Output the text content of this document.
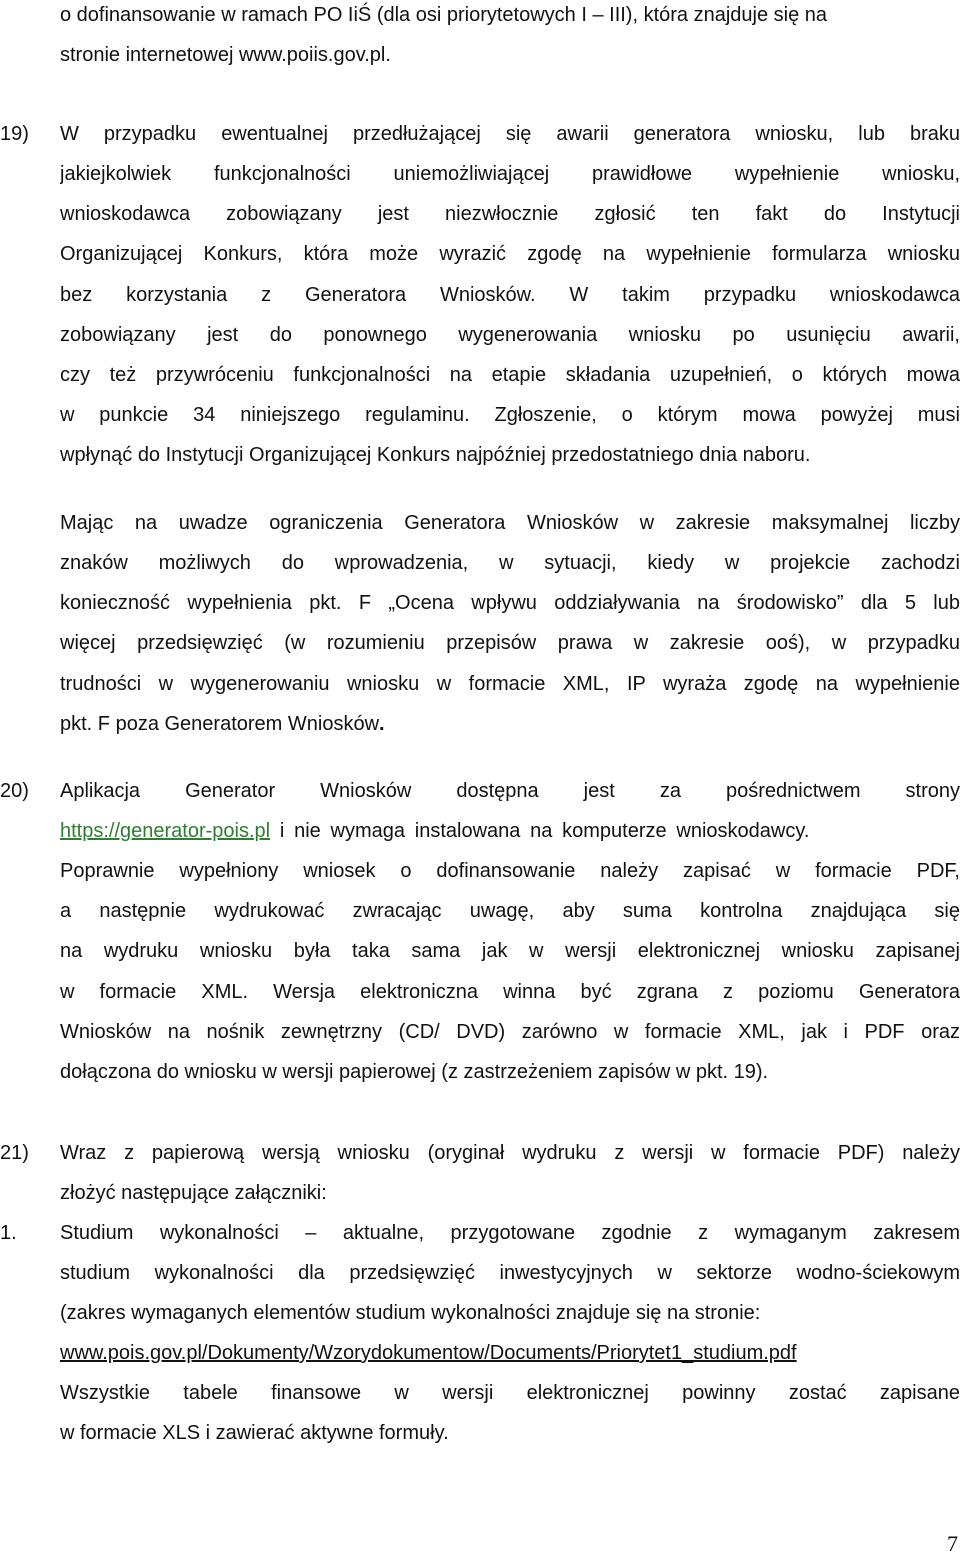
o dofinansowanie w ramach PO IiŚ (dla osi priorytetowych I – III), która znajduje się na
stronie internetowej www.poiis.gov.pl.
19) W przypadku ewentualnej przedłużającej się awarii generatora wniosku, lub braku
jakiejkolwiek funkcjonalności uniemożliwiającej prawidłowe wypełnienie wniosku,
wnioskodawca zobowiązany jest niezwłocznie zgłosić ten fakt do Instytucji
Organizującej Konkurs, która może wyrazić zgodę na wypełnienie formularza wniosku
bez korzystania z Generatora Wniosków. W takim przypadku wnioskodawca
zobowiązany jest do ponownego wygenerowania wniosku po usunięciu awarii,
czy też przywróceniu funkcjonalności na etapie składania uzupełnień, o których mowa
w punkcie 34 niniejszego regulaminu. Zgłoszenie, o którym mowa powyżej musi
wpłynąć do Instytucji Organizującej Konkurs najpóźniej przedostatniego dnia naboru.
Mając na uwadze ograniczenia Generatora Wniosków w zakresie maksymalnej liczby
znaków możliwych do wprowadzenia, w sytuacji, kiedy w projekcie zachodzi
konieczność wypełnienia pkt. F „Ocena wpływu oddziaływania na środowisko” dla 5 lub
więcej przedsięwzięć (w rozumieniu przepisów prawa w zakresie ooś), w przypadku
trudności w wygenerowaniu wniosku w formacie XML, IP wyraża zgodę na wypełnienie
pkt. F poza Generatorem Wniosków.
20) Aplikacja Generator Wniosków dostępna jest za pośrednictwem strony
https://generator-pois.pl i nie wymaga instalowana na komputerze wnioskodawcy.
Poprawnie wypełniony wniosek o dofinansowanie należy zapisać w formacie PDF,
a następnie wydrukować zwracając uwagę, aby suma kontrolna znajdująca się
na wydruku wniosku była taka sama jak w wersji elektronicznej wniosku zapisanej
w formacie XML. Wersja elektroniczna winna być zgrana z poziomu Generatora
Wniosków na nośnik zewnętrzny (CD/ DVD) zarówno w formacie XML, jak i PDF oraz
dołączona do wniosku w wersji papierowej (z zastrzeżeniem zapisów w pkt. 19).
21) Wraz z papierową wersją wniosku (oryginał wydruku z wersji w formacie PDF) należy
złożyć następujące załączniki:
1. Studium wykonalności – aktualne, przygotowane zgodnie z wymaganym zakresem
studium wykonalności dla przedsięwzięć inwestycyjnych w sektorze wodno-ściekowym
(zakres wymaganych elementów studium wykonalności znajduje się na stronie:
www.pois.gov.pl/Dokumenty/Wzorydokumentow/Documents/Priorytet1_studium.pdf
Wszystkie tabele finansowe w wersji elektronicznej powinny zostać zapisane
w formacie XLS i zawierać aktywne formuły.
7
